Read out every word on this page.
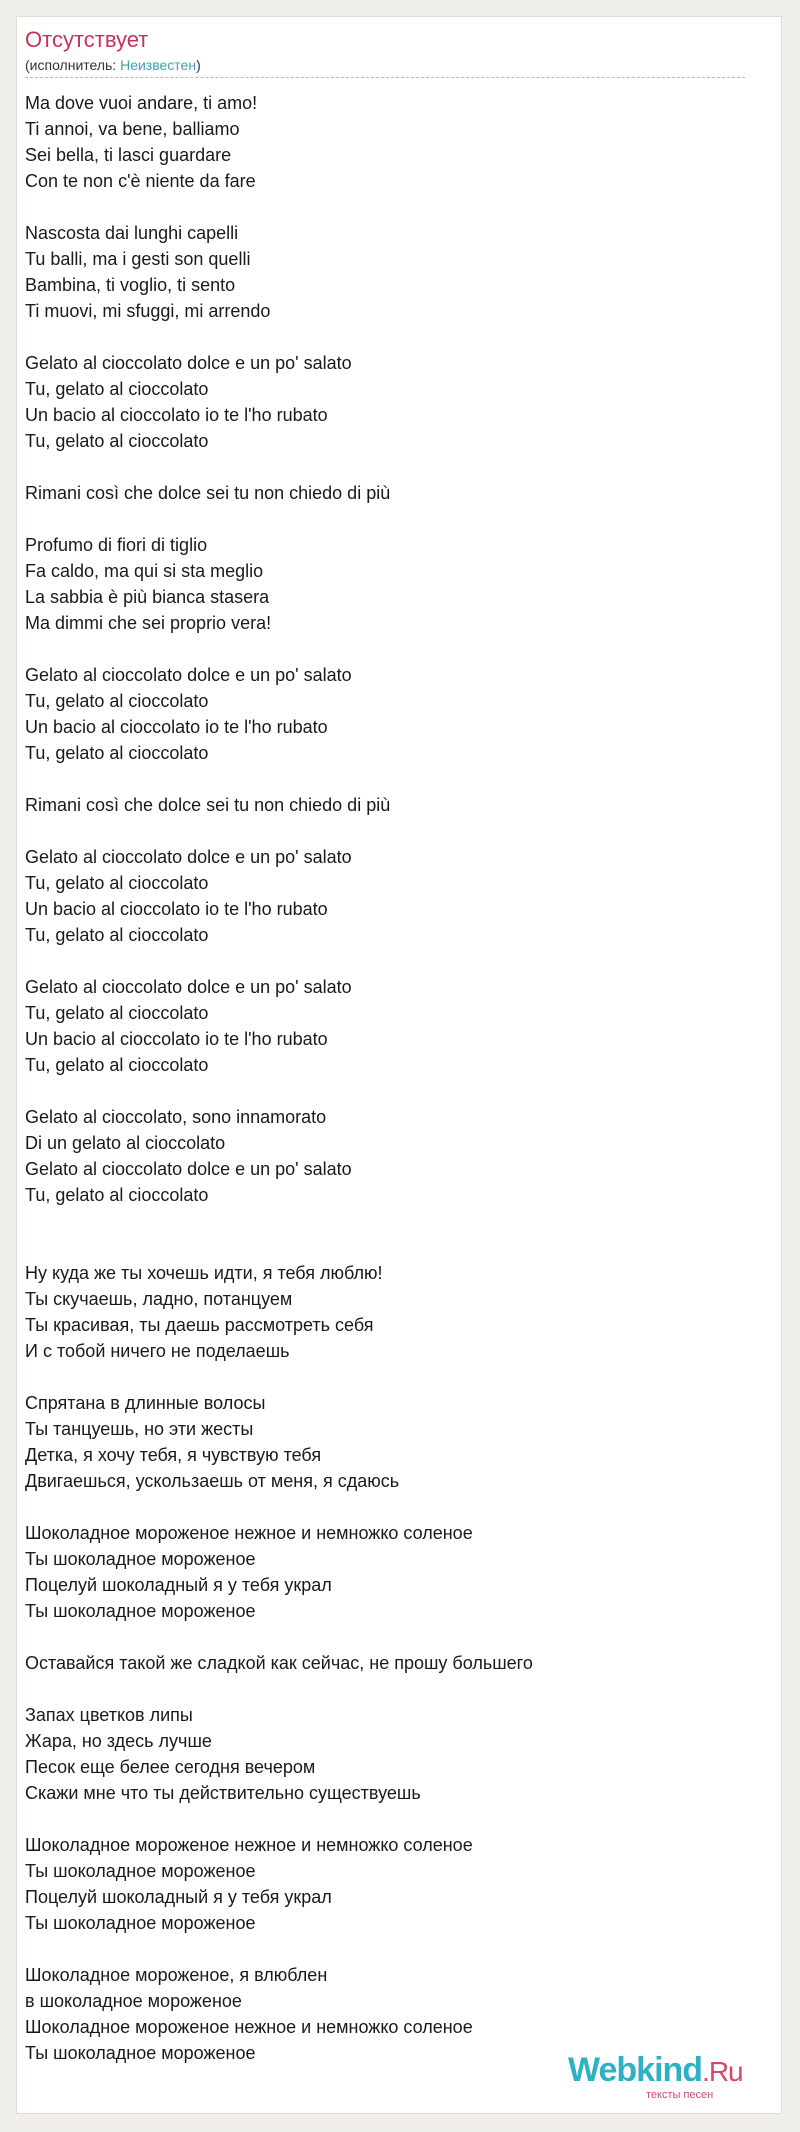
Отсутствует
(исполнитель: Неизвестен)
Ma dove vuoi andare, ti amo!
Ti annoi, va bene, balliamo
Sei bella, ti lasci guardare
Con te non c'è niente da fare
Nascosta dai lunghi capelli
Tu balli, ma i gesti son quelli
Bambina, ti voglio, ti sento
Ti muovi, mi sfuggi, mi arrendo
Gelato al cioccolato dolce e un po' salato
Tu, gelato al cioccolato
Un bacio al cioccolato io te l'ho rubato
Tu, gelato al cioccolato
Rimani così che dolce sei tu non chiedo di più
Profumo di fiori di tiglio
Fa caldo, ma qui si sta meglio
La sabbia è più bianca stasera
Ma dimmi che sei proprio vera!
Gelato al cioccolato dolce e un po' salato
Tu, gelato al cioccolato
Un bacio al cioccolato io te l'ho rubato
Tu, gelato al cioccolato
Rimani così che dolce sei tu non chiedo di più
Gelato al cioccolato dolce e un po' salato
Tu, gelato al cioccolato
Un bacio al cioccolato io te l'ho rubato
Tu, gelato al cioccolato
Gelato al cioccolato dolce e un po' salato
Tu, gelato al cioccolato
Un bacio al cioccolato io te l'ho rubato
Tu, gelato al cioccolato
Gelato al cioccolato, sono innamorato
Di un gelato al cioccolato
Gelato al cioccolato dolce e un po' salato
Tu, gelato al cioccolato
Ну куда же ты хочешь идти, я тебя люблю!
Ты скучаешь, ладно, потанцуем
Ты красивая, ты даешь рассмотреть себя
И с тобой ничего не поделаешь
Спрятана в длинные волосы
Ты танцуешь, но эти жесты
Детка, я хочу тебя, я чувствую тебя
Двигаешься, ускользаешь от меня, я сдаюсь
Шоколадное мороженое нежное и немножко соленое
Ты шоколадное мороженое
Поцелуй шоколадный я у тебя украл
Ты шоколадное мороженое
Оставайся такой же сладкой как сейчас, не прошу большего
Запах цветков липы
Жара, но здесь лучше
Песок еще белее сегодня вечером
Скажи мне что ты действительно существуешь
Шоколадное мороженое нежное и немножко соленое
Ты шоколадное мороженое
Поцелуй шоколадный я у тебя украл
Ты шоколадное мороженое
Шоколадное мороженое, я влюблен
в шоколадное мороженое
Шоколадное мороженое нежное и немножко соленое
Ты шоколадное мороженое	Webkind.Ru
тексты песен
